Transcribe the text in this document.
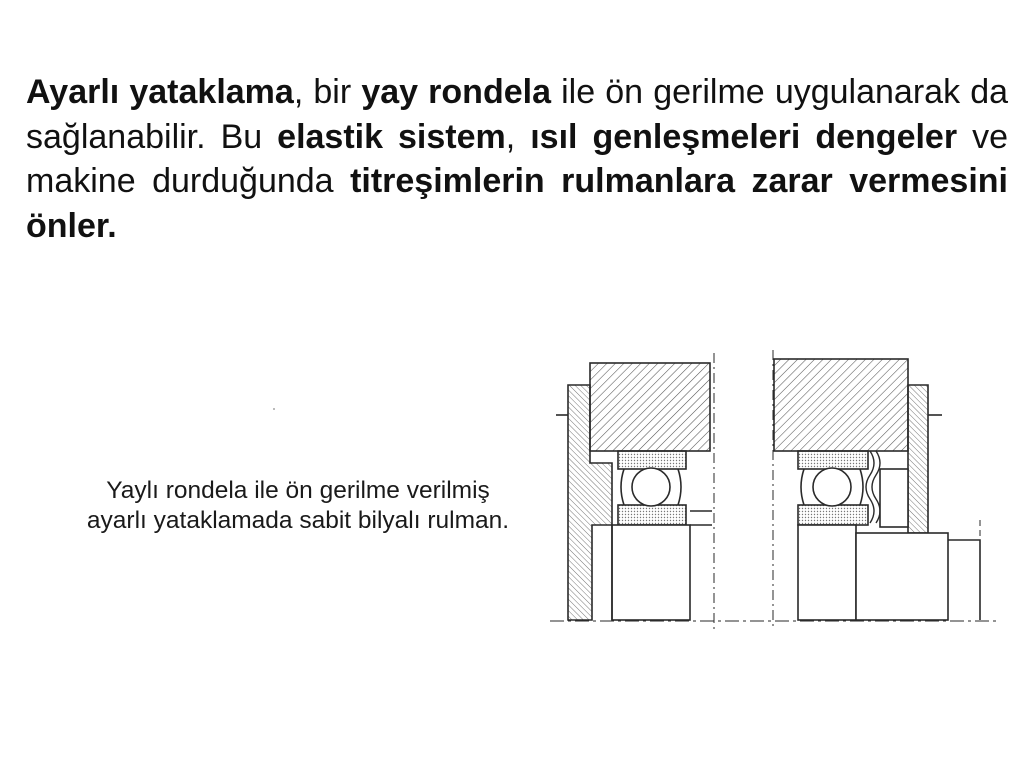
Ayarlı yataklama, bir yay rondela ile ön gerilme uygulanarak da sağlanabilir. Bu elastik sistem, ısıl genleşmeleri dengeler ve makine durduğunda titreşimlerin rulmanlara zarar vermesini önler.

Yaylı rondela ile ön gerilme verilmiş
ayarlı yataklamada sabit bilyalı rulman.
